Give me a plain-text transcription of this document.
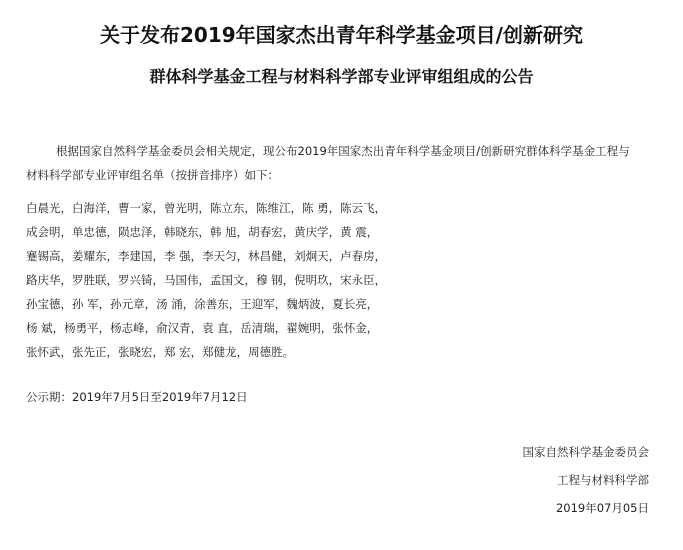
关于发布2019年国家杰出青年科学基金项目/创新研究
群体科学基金工程与材料科学部专业评审组组成的公告
根据国家自然科学基金委员会相关规定，现公布2019年国家杰出青年科学基金项目/创新研究群体科学基金工程与
材料科学部专业评审组名单（按拼音排序）如下：
白晨光，白海洋，曹一家，曾光明，陈立东，陈维江，陈 勇，陈云飞，
成会明，单忠德，陨忠泽，韩晓东，韩 旭，胡春宏，黄庆学，黄 震，
蹇锡高，姜耀东，李建国，李 强，李天匀，林昌健，刘炯天，卢春房，
路庆华，罗胜联，罗兴锜，马国伟，孟国文，穆 钢，倪明玖，宋永臣，
孙宝德，孙 军，孙元章，汤 涌，涂善东，王迎军，魏炳波，夏长亮，
杨 斌，杨勇平，杨志峰，俞汉青，袁 直，岳清瑞，翟婉明，张怀金，
张怀武，张先正，张晓宏，郑 宏，郑健龙，周德胜。
公示期：2019年7月5日至2019年7月12日
国家自然科学基金委员会
工程与材料科学部
2019年07月05日
